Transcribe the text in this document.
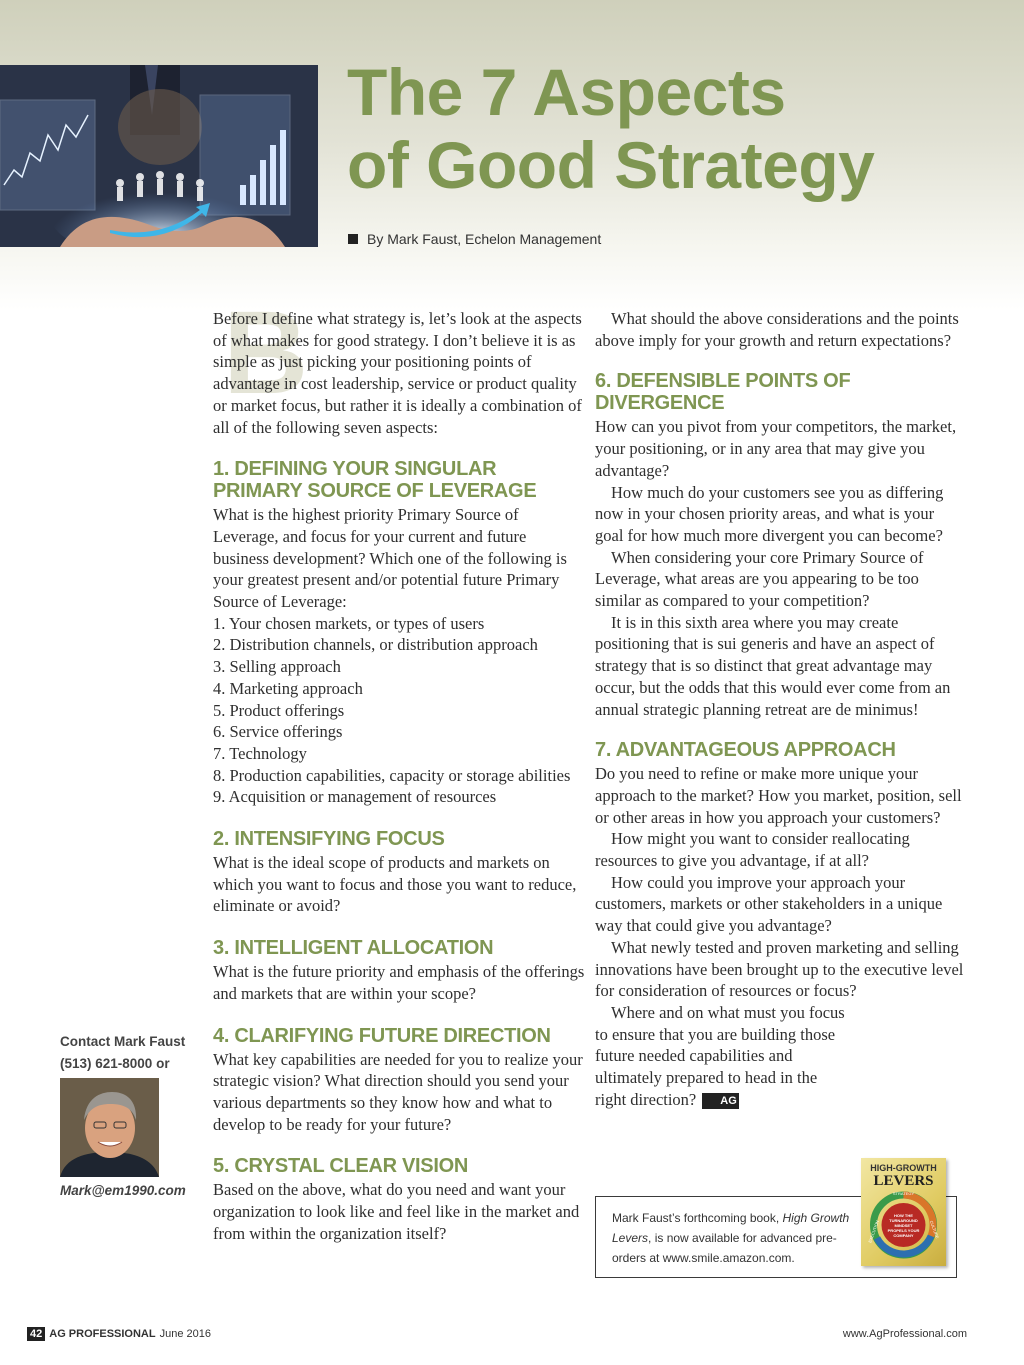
The 7 Aspects
of Good Strategy
By Mark Faust, Echelon Management
B

Before I define what strategy is, let’s look at the aspects of what makes for good strategy. I don’t believe it is as simple as just picking your positioning points of advantage in cost leadership, service or product quality or market focus, but rather it is ideally a combination of all of the following seven aspects:

1. DEFINING YOUR SINGULAR PRIMARY SOURCE OF LEVERAGE

What is the highest priority Primary Source of Leverage, and focus for your current and future business development? Which one of the following is your greatest present and/or potential future Primary Source of Leverage:

1. Your chosen markets, or types of users
2. Distribution channels, or distribution approach
3. Selling approach
4. Marketing approach
5. Product offerings
6. Service offerings
7. Technology
8. Production capabilities, capacity or storage abilities
9. Acquisition or management of resources
2. INTENSIFYING FOCUS

What is the ideal scope of products and markets on which you want to focus and those you want to reduce, eliminate or avoid?

3. INTELLIGENT ALLOCATION

What is the future priority and emphasis of the offerings and markets that are within your scope?

4. CLARIFYING FUTURE DIRECTION

What key capabilities are needed for you to realize your strategic vision? What direction should you send your various departments so they know how and what to develop to be ready for your future?

5. CRYSTAL CLEAR VISION

Based on the above, what do you need and want your organization to look like and feel like in the market and from within the organization itself?

What should the above considerations and the points above imply for your growth and return expectations?

6. DEFENSIBLE POINTS OF DIVERGENCE

How can you pivot from your competitors, the market, your positioning, or in any area that may give you advantage?

How much do your customers see you as differing now in your chosen priority areas, and what is your goal for how much more divergent you can become?

When considering your core Primary Source of Leverage, what areas are you appearing to be too similar as compared to your competition?

It is in this sixth area where you may create positioning that is sui generis and have an aspect of strategy that is so distinct that great advantage may occur, but the odds that this would ever come from an annual strategic planning retreat are de minimus!

7. ADVANTAGEOUS APPROACH

Do you need to refine or make more unique your approach to the market? How you market, position, sell or other areas in how you approach your customers?

How might you want to consider reallocating resources to give you advantage, if at all?

How could you improve your approach your customers, markets or other stakeholders in a unique way that could give you advantage?

What newly tested and proven marketing and selling innovations have been brought up to the executive level for consideration of resources or focus?

Where and on what must you focus to ensure that you are building those future needed capabilities and ultimately prepared to head in the right direction? AG

Contact Mark Faust
(513) 621-8000 or
Mark@em1990.com
Mark Faust’s forthcoming book, High Growth Levers, is now available for advanced pre-orders at www.smile.amazon.com.
HIGH-GROWTH
LEVERS
STRATEGY
CULTURE
EXECUTION
HOW THE TURNAROUND MINDSET PROPELS YOUR COMPANY
42 AG PROFESSIONAL June 2016	www.AgProfessional.com
